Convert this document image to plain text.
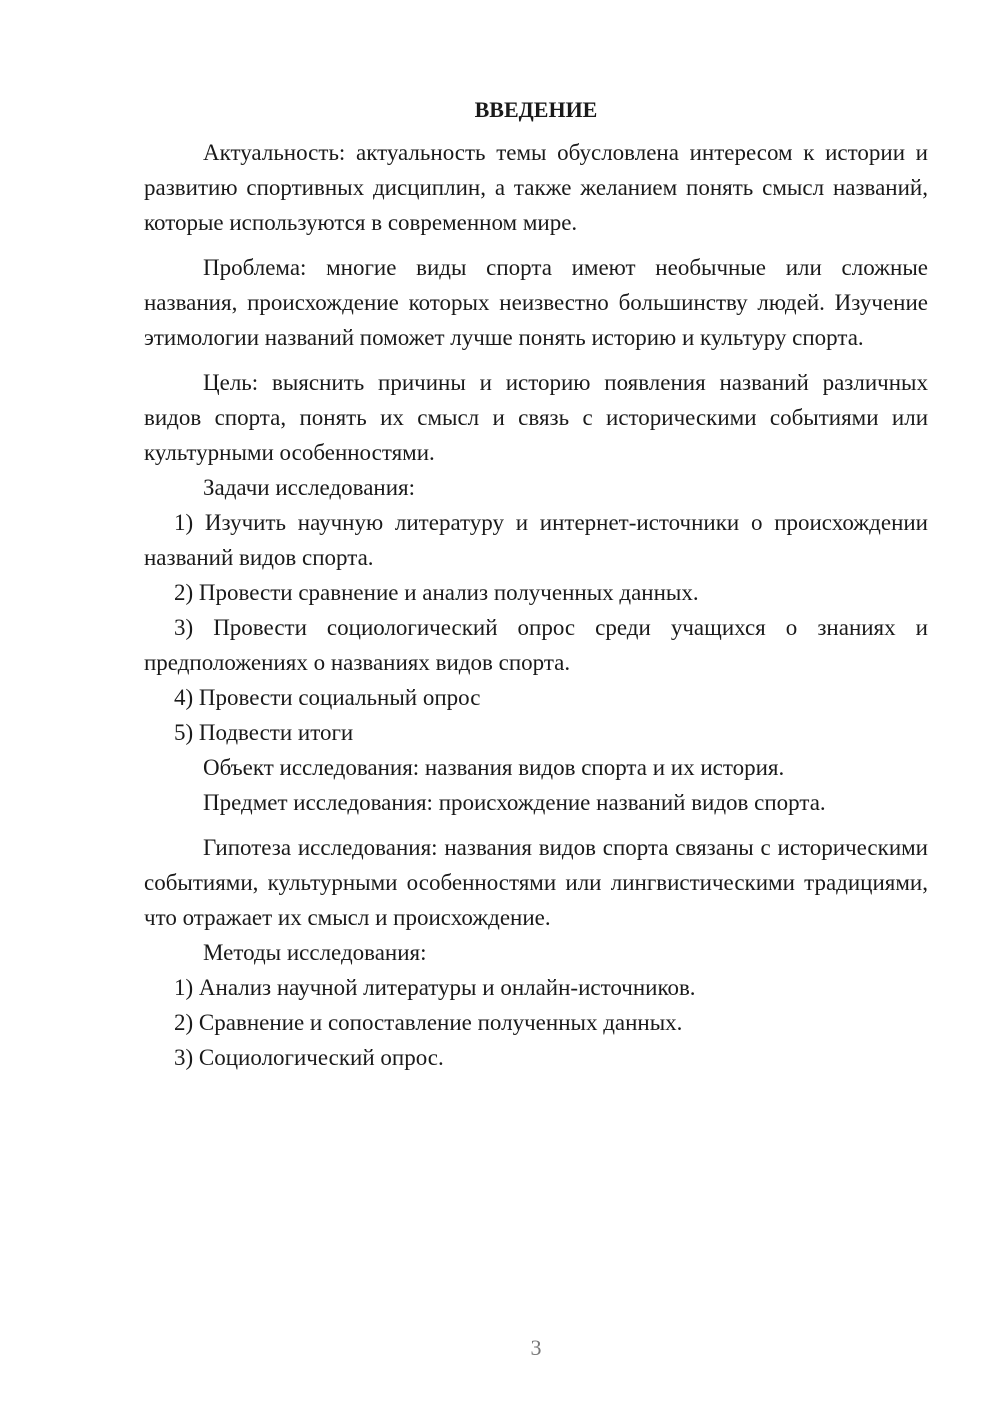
ВВЕДЕНИЕ

Актуальность: актуальность темы обусловлена интересом к истории и развитию спортивных дисциплин, а также желанием понять смысл названий, которые используются в современном мире.

Проблема: многие виды спорта имеют необычные или сложные названия, происхождение которых неизвестно большинству людей. Изучение этимологии названий поможет лучше понять историю и культуру спорта.

Цель: выяснить причины и историю появления названий различных видов спорта, понять их смысл и связь с историческими событиями или культурными особенностями.

Задачи исследования:

1) Изучить научную литературу и интернет-источники о происхождении названий видов спорта.

2) Провести сравнение и анализ полученных данных.

3) Провести социологический опрос среди учащихся о знаниях и предположениях о названиях видов спорта.

4) Провести социальный опрос

5) Подвести итоги

Объект исследования: названия видов спорта и их история.

Предмет исследования: происхождение названий видов спорта.

Гипотеза исследования: названия видов спорта связаны с историческими событиями, культурными особенностями или лингвистическими традициями, что отражает их смысл и происхождение.

Методы исследования:

1) Анализ научной литературы и онлайн-источников.

2) Сравнение и сопоставление полученных данных.

3) Социологический опрос.

3
